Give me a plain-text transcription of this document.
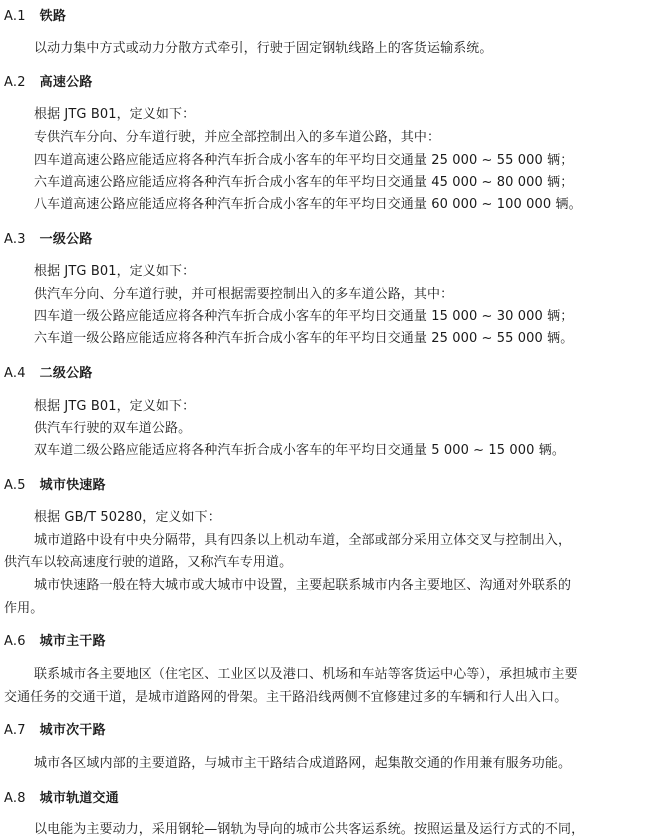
A.1 铁路
以动力集中方式或动力分散方式牵引，行驶于固定钢轨线路上的客货运输系统。
A.2 高速公路
根据 JTG B01，定义如下：
专供汽车分向、分车道行驶，并应全部控制出入的多车道公路，其中：
四车道高速公路应能适应将各种汽车折合成小客车的年平均日交通量 25 000 ~ 55 000 辆；
六车道高速公路应能适应将各种汽车折合成小客车的年平均日交通量 45 000 ~ 80 000 辆；
八车道高速公路应能适应将各种汽车折合成小客车的年平均日交通量 60 000 ~ 100 000 辆。
A.3 一级公路
根据 JTG B01，定义如下：
供汽车分向、分车道行驶，并可根据需要控制出入的多车道公路，其中：
四车道一级公路应能适应将各种汽车折合成小客车的年平均日交通量 15 000 ~ 30 000 辆；
六车道一级公路应能适应将各种汽车折合成小客车的年平均日交通量 25 000 ~ 55 000 辆。
A.4 二级公路
根据 JTG B01，定义如下：
供汽车行驶的双车道公路。
双车道二级公路应能适应将各种汽车折合成小客车的年平均日交通量 5 000 ~ 15 000 辆。
A.5 城市快速路
根据 GB/T 50280，定义如下：
城市道路中设有中央分隔带，具有四条以上机动车道，全部或部分采用立体交叉与控制出入，
供汽车以较高速度行驶的道路，又称汽车专用道。
城市快速路一般在特大城市或大城市中设置，主要起联系城市内各主要地区、沟通对外联系的
作用。
A.6 城市主干路
联系城市各主要地区（住宅区、工业区以及港口、机场和车站等客货运中心等），承担城市主要
交通任务的交通干道，是城市道路网的骨架。主干路沿线两侧不宜修建过多的车辆和行人出入口。
A.7 城市次干路
城市各区域内部的主要道路，与城市主干路结合成道路网，起集散交通的作用兼有服务功能。
A.8 城市轨道交通
以电能为主要动力，采用钢轮—钢轨为导向的城市公共客运系统。按照运量及运行方式的不同，
